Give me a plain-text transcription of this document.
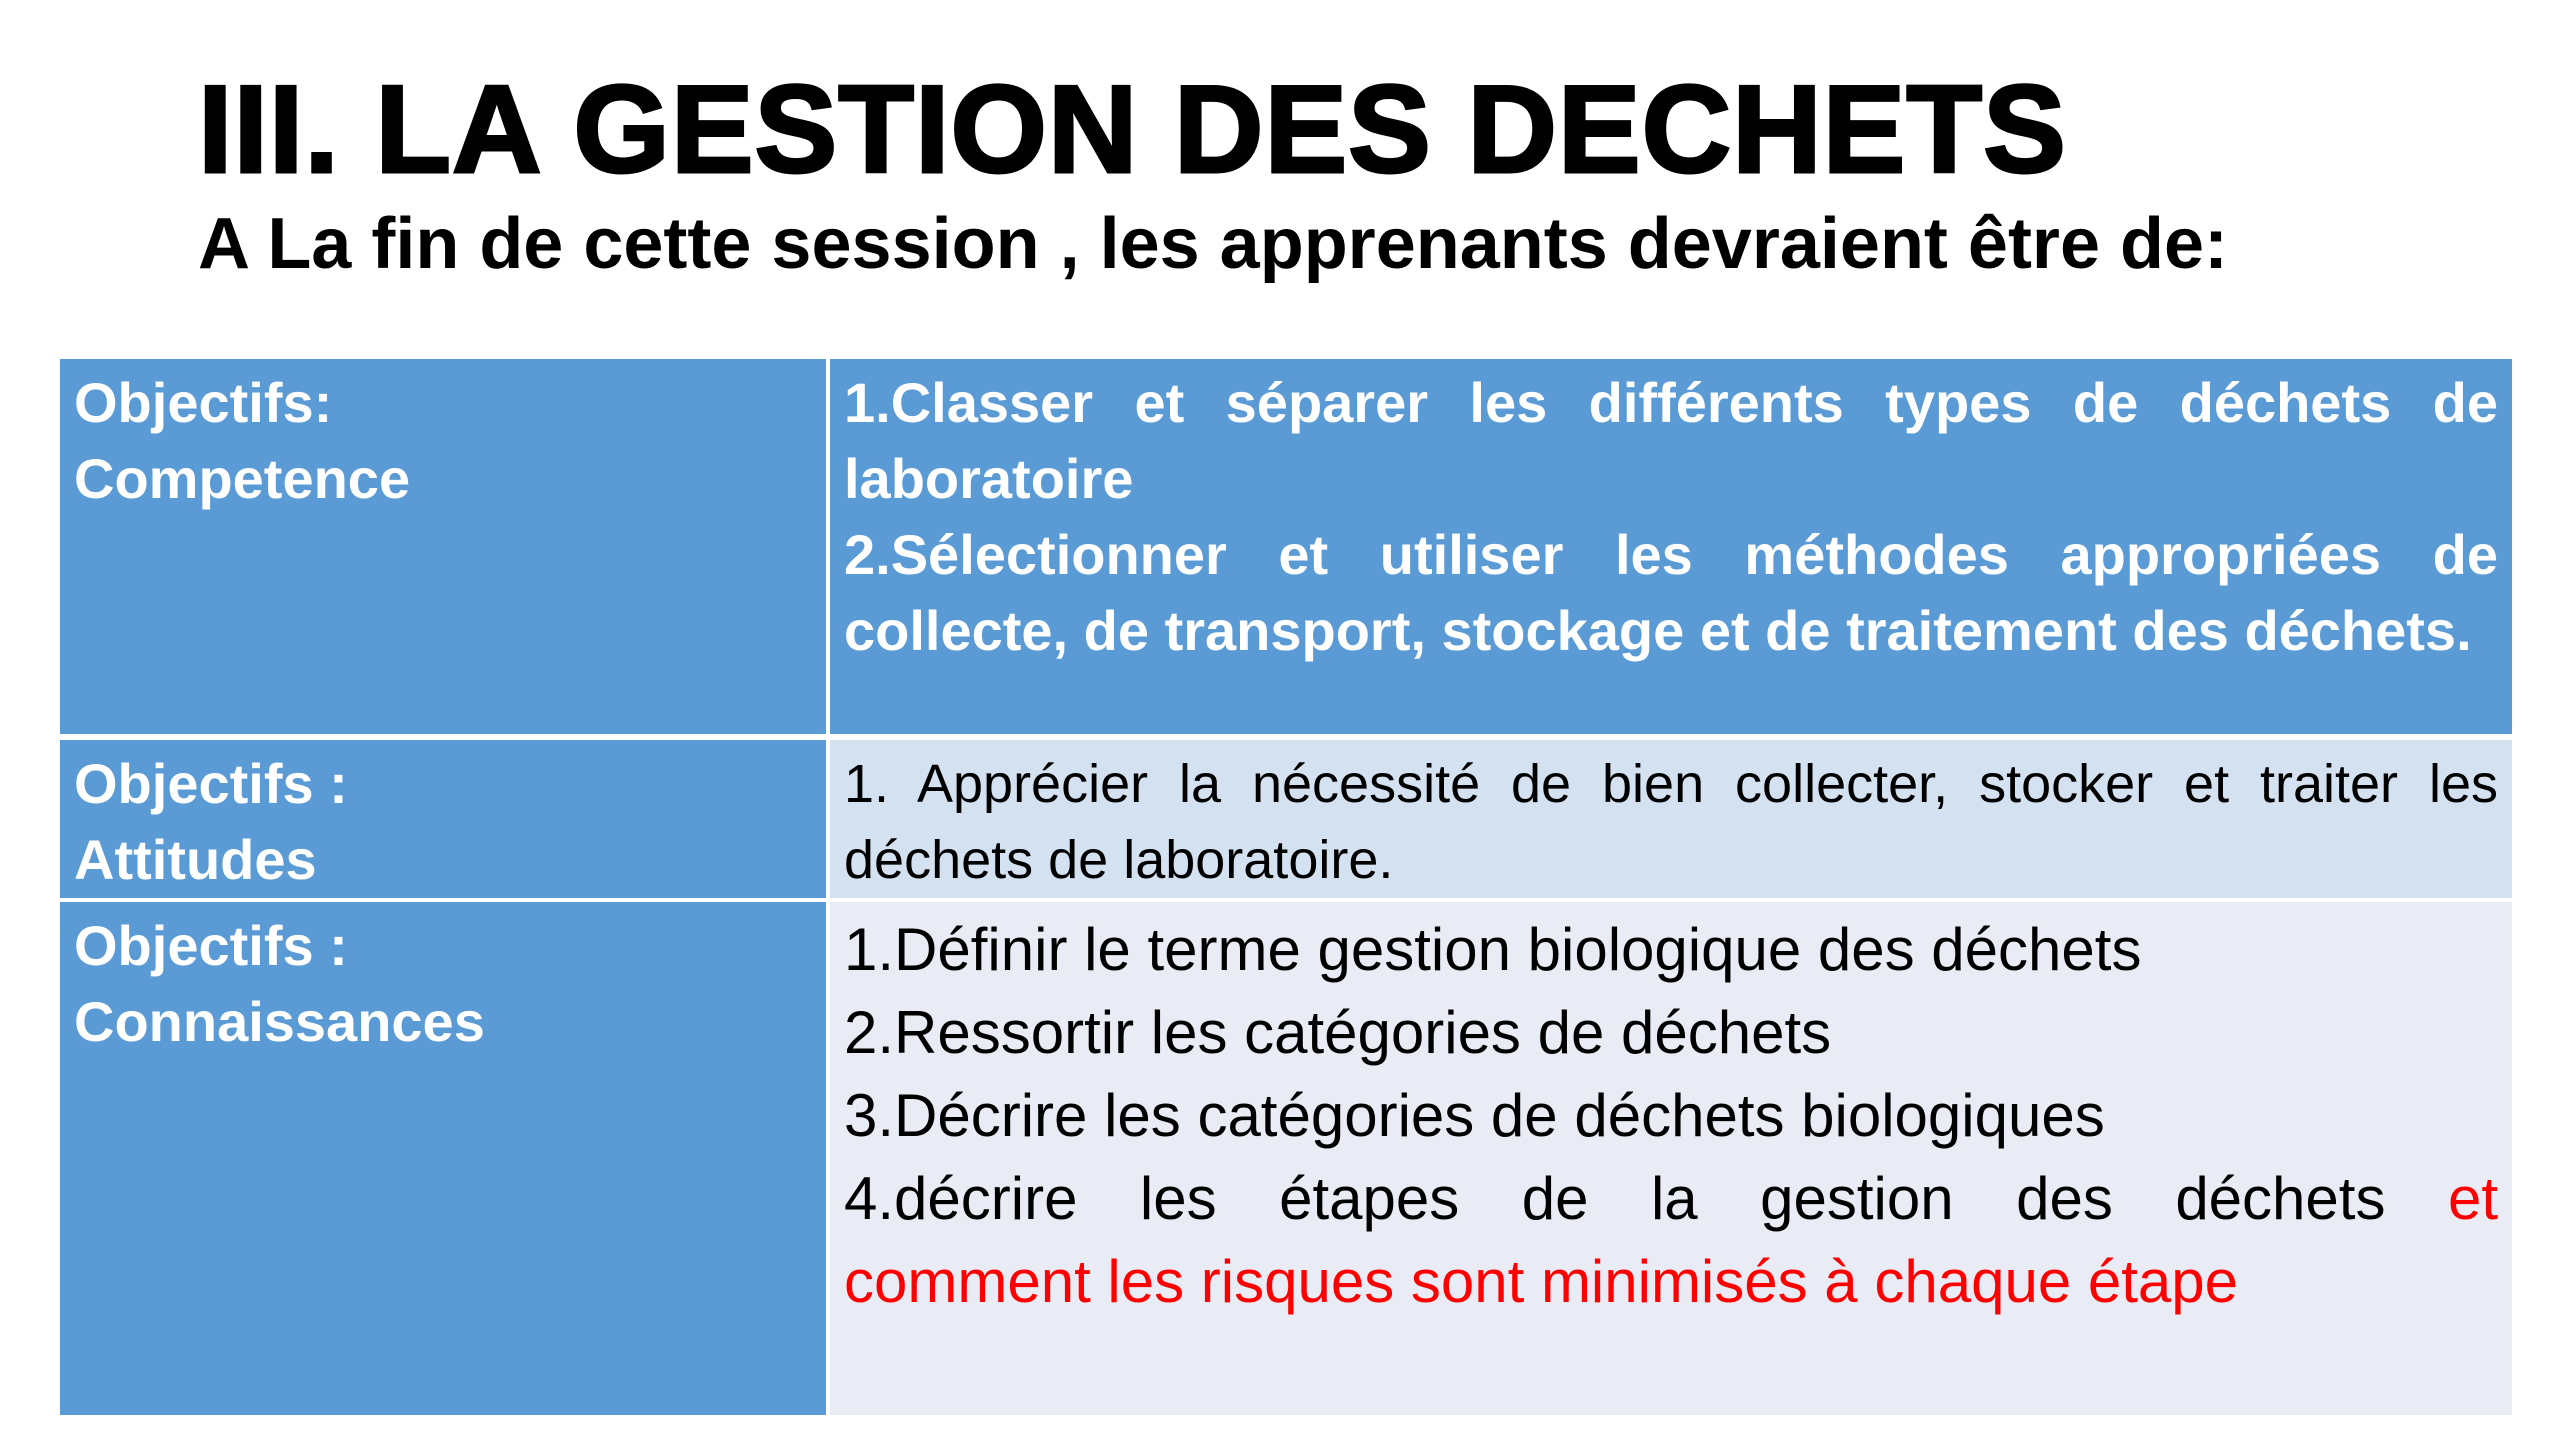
III. LA GESTION DES DECHETS
A La fin de cette session , les apprenants devraient être de:
Objectifs:
Competence	1.Classer et séparer les différents types de déchets de laboratoire
2.Sélectionner et utiliser les méthodes appropriées de collecte, de transport, stockage et de traitement des déchets.

Objectifs :
Attitudes	1. Apprécier la nécessité de bien collecter, stocker et traiter les déchets de laboratoire.

Objectifs :
Connaissances	1.Définir le terme gestion biologique des déchets
2.Ressortir les catégories de déchets
3.Décrire les catégories de déchets biologiques
4.décrire les étapes de la gestion des déchets et
comment les risques sont minimisés à chaque étape
